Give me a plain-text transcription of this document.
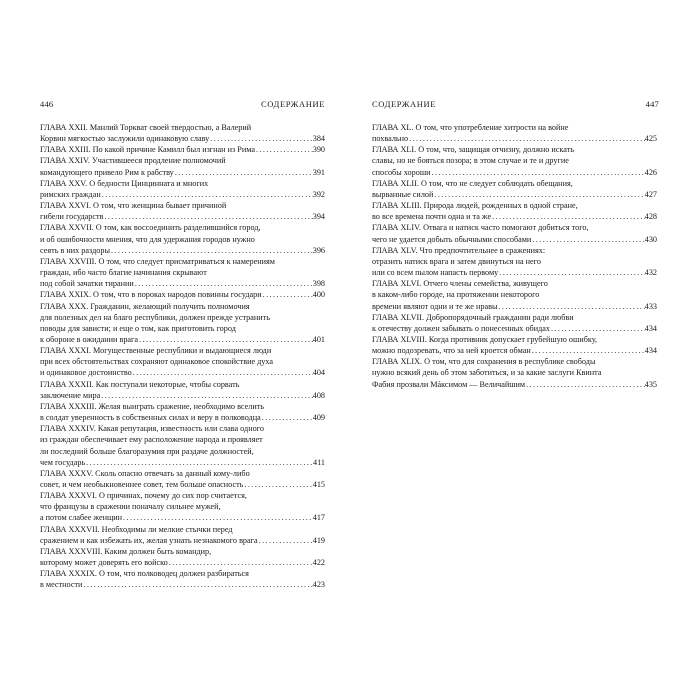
446	СОДЕРЖАНИЕ
ГЛАВА XXII. Манлий Торкват своей твердостью, а Валерий
Корвин мягкостью заслужили одинаковую славу .....	384
ГЛАВА XXIII. По какой причине Камилл был изгнан из Рима .....	390
ГЛАВА XXIV. Участившееся продление полномочий
командующего привело Рим к рабству .....	391
ГЛАВА XXV. О бедности Цинцинната и многих
римских граждан .....	392
ГЛАВА XXVI. О том, что женщина бывает причиной
гибели государств .....	394
ГЛАВА XXVII. О том, как воссоединить разделившийся город,
и об ошибочности мнения, что для удержания городов нужно
сеять в них раздоры .....	396
ГЛАВА XXVIII. О том, что следует присматриваться к намерениям
граждан, ибо часто благие начинания скрывают
под собой зачатки тирании .....	398
ГЛАВА XXIX. О том, что в пороках народов повинны государи .....	400
ГЛАВА XXX. Гражданин, желающий получить полномочия
для полезных дел на благо республики, должен прежде устранить
поводы для зависти; и еще о том, как приготовить город
к обороне в ожидании врага .....	401
ГЛАВА XXXI. Могущественные республики и выдающиеся люди
при всех обстоятельствах сохраняют одинаковое спокойствие духа
и одинаковое достоинство .....	404
ГЛАВА XXXII. Как поступали некоторые, чтобы сорвать
заключение мира .....	408
ГЛАВА XXXIII. Желая выиграть сражение, необходимо вселить
в солдат уверенность в собственных силах и веру в полководца .....	409
ГЛАВА XXXIV. Какая репутация, известность или слава одного
из граждан обеспечивает ему расположение народа и проявляет
ли последний больше благоразумия при раздаче должностей,
чем государь .....	411
ГЛАВА XXXV. Сколь опасно отвечать за данный кому-либо
совет, и чем необыкновеннее совет, тем больше опасность .....	415
ГЛАВА XXXVI. О причинах, почему до сих пор считается,
что французы в сражении поначалу сильнее мужей,
а потом слабее женщин .....	417
ГЛАВА XXXVII. Необходимы ли мелкие стычки перед
сражением и как избежать их, желая узнать незнакомого врага .....	419
ГЛАВА XXXVIII. Каким должен быть командир,
которому может доверять его войско .....	422
ГЛАВА XXXIX. О том, что полководец должен разбираться
в местности .....	423
СОДЕРЖАНИЕ	447
ГЛАВА XL. О том, что употребление хитрости на войне
похвально .....	425
ГЛАВА XLI. О том, что, защищая отчизну, должно искать
славы, но не бояться позора; в этом случае и те и другие
способы хороши .....	426
ГЛАВА XLII. О том, что не следует соблюдать обещания,
вырванные силой .....	427
ГЛАВА XLIII. Природа людей, рожденных в одной стране,
во все времена почти одна и та же .....	428
ГЛАВА XLIV. Отвага и натиск часто помогают добиться того,
чего не удается добыть обычными способами .....	430
ГЛАВА XLV. Что предпочтительнее в сражениях:
отразить натиск врага и затем двинуться на него
или со всем пылом напасть первому .....	432
ГЛАВА XLVI. Отчего члены семейства, живущего
в каком-либо городе, на протяжении некоторого
времени являют одни и те же нравы .....	433
ГЛАВА XLVII. Добропорядочный гражданин ради любви
к отечеству должен забывать о понесенных обидах .....	434
ГЛАВА XLVIII. Когда противник допускает грубейшую ошибку,
можно подозревать, что за ней кроется обман .....	434
ГЛАВА XLIX. О том, что для сохранения в республике свободы
нужно всякий день об этом заботиться, и за какие заслуги Квинта
Фабия прозвали Máксимом — Величайшим .....	435
